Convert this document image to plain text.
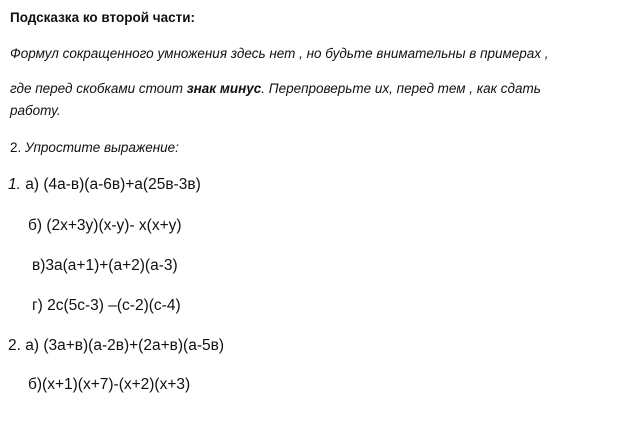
Подсказка ко второй части:
Формул сокращенного умножения здесь нет , но будьте внимательны в примерах ,
где перед скобками стоит знак минус. Перепроверьте их, перед тем , как сдать
работу.
2. Упростите выражение:
1. а) (4а-в)(а-6в)+а(25в-3в)
б) (2х+3у)(х-у)- х(х+у)
в)3а(а+1)+(а+2)(а-3)
г) 2с(5с-3) –(с-2)(с-4)
2. а) (3а+в)(а-2в)+(2а+в)(а-5в)
б)(х+1)(х+7)-(х+2)(х+3)
